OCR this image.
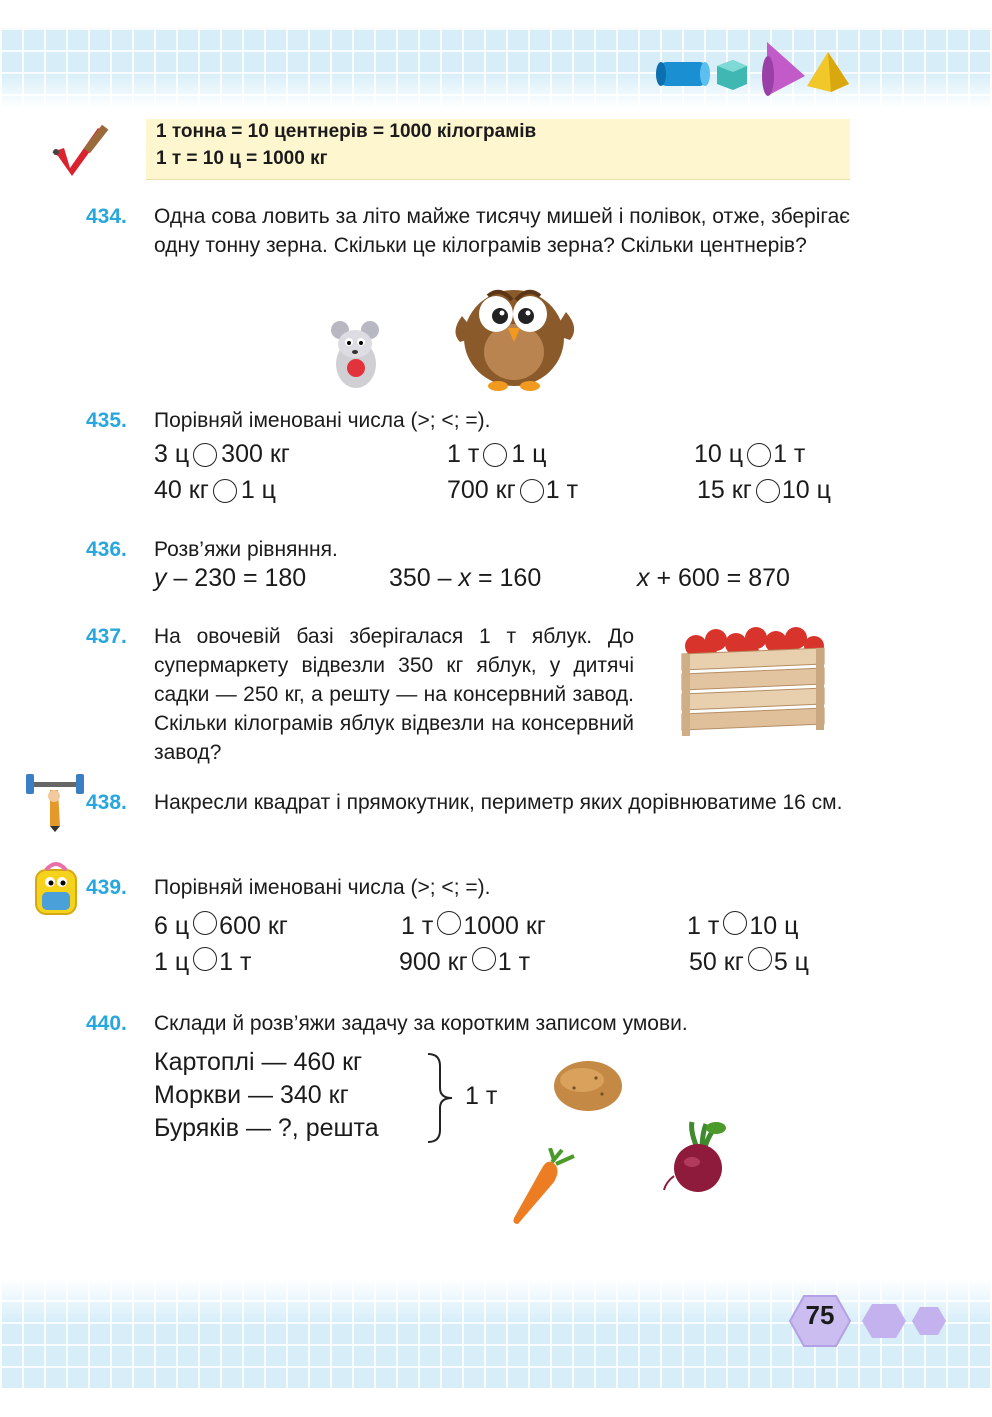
1 тонна = 10 центнерів = 1000 кілограмів
1 т = 10 ц = 1000 кг
434. Одна сова ловить за літо майже тисячу мишей і полівок, отже, зберігає одну тонну зерна. Скільки це кілограмів зерна? Скільки центнерів?
435. Порівняй іменовані числа (>; <; =).
3 ц 300 кг	1 т 1 ц	10 ц 1 т
40 кг 1 ц	700 кг 1 т	15 кг 10 ц
436. Розв’яжи рівняння.
y – 230 = 180	350 – x = 160	x + 600 = 870
437. На овочевій базі зберігалася 1 т яблук. До супермаркету відвезли 350 кг яблук, у дитячі садки — 250 кг, а решту — на консервний завод. Скільки кілограмів яблук відвезли на консервний завод?
438. Накресли квадрат і прямокутник, периметр яких дорівнюватиме 16 см.
439. Порівняй іменовані числа (>; <; =).
6 ц 600 кг	1 т 1000 кг	1 т 10 ц
1 ц 1 т	900 кг 1 т	50 кг 5 ц
440. Склади й розв’яжи задачу за коротким записом умови.
Картоплі — 460 кг
Моркви — 340 кг
Буряків — ?, решта
1 т
75
